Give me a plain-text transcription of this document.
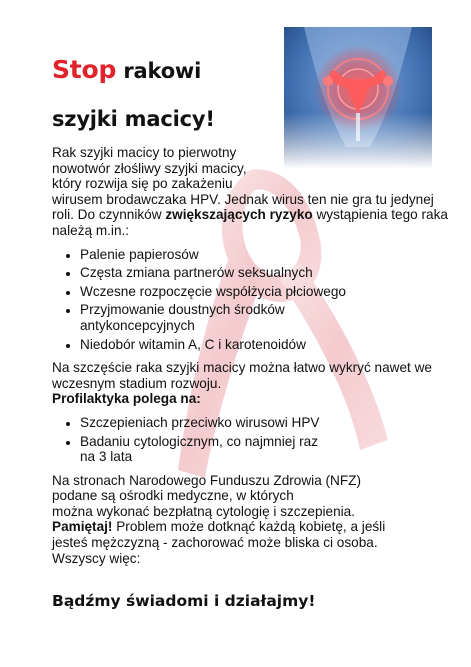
Stop rakowi
szyjki macicy!

Rak szyjki macicy to pierwotny
nowotwór złośliwy szyjki macicy,
który rozwija się po zakażeniu
wirusem brodawczaka HPV. Jednak wirus ten nie gra tu jedynej roli. Do czynników zwiększających ryzyko wystąpienia tego raka należą m.in.:

• Palenie papierosów
• Częsta zmiana partnerów seksualnych
• Wczesne rozpoczęcie współżycia płciowego
• Przyjmowanie doustnych środków antykoncepcyjnych
• Niedobór witamin A, C i karotenoidów

Na szczęście raka szyjki macicy można łatwo wykryć nawet we wczesnym stadium rozwoju.

Profilaktyka polega na:

• Szczepieniach przeciwko wirusowi HPV
• Badaniu cytologicznym, co najmniej raz na 3 lata

Na stronach Narodowego Funduszu Zdrowia (NFZ)
podane są ośrodki medyczne, w których
można wykonać bezpłatną cytologię i szczepienia.
Pamiętaj! Problem może dotknąć każdą kobietę, a jeśli jesteś mężczyzną - zachorować może bliska ci osoba. Wszyscy więc:

Bądźmy świadomi i działajmy!
